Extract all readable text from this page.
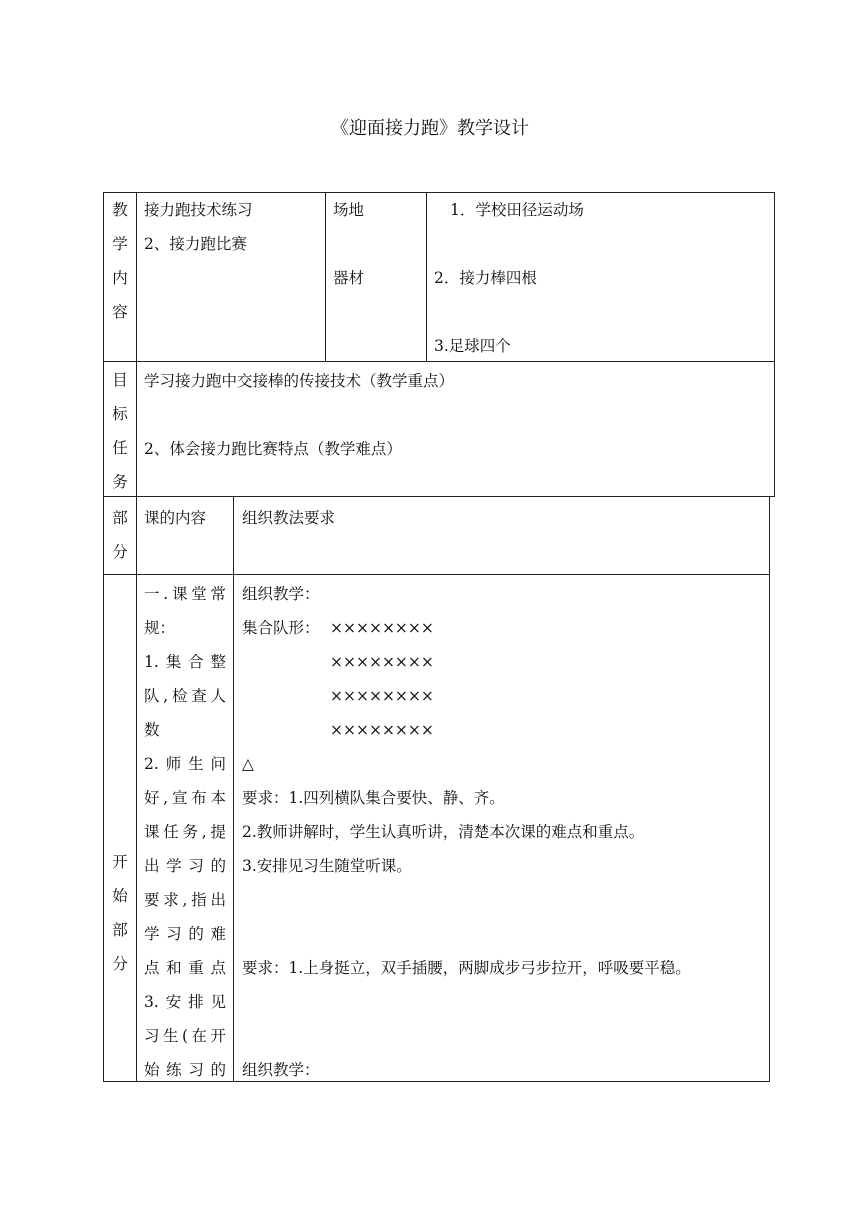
《迎面接力跑》教学设计
教
学
内
容
接力跑技术练习
2、接力跑比赛
场地
器材
1．学校田径运动场
2．接力棒四根
3.足球四个
目
标
任
务
学习接力跑中交接棒的传接技术（教学重点）
2、体会接力跑比赛特点（教学难点）
部
分
课的内容 组织教法要求
开
始
部
分
一.课堂常
规：
1.集合整
队,检查人
数
2.师生问
好,宣布本
课任务,提
出学习的
要求,指出
学习的难
点和重点
3.安排见
习生(在开
始练习的
组织教学：
集合队形： ××××××××
××××××××
××××××××
××××××××
△
要求：1.四列横队集合要快、静、齐。
2.教师讲解时，学生认真听讲，清楚本次课的难点和重点。
3.安排见习生随堂听课。
要求：1.上身挺立，双手插腰，两脚成步弓步拉开，呼吸要平稳。
组织教学：
